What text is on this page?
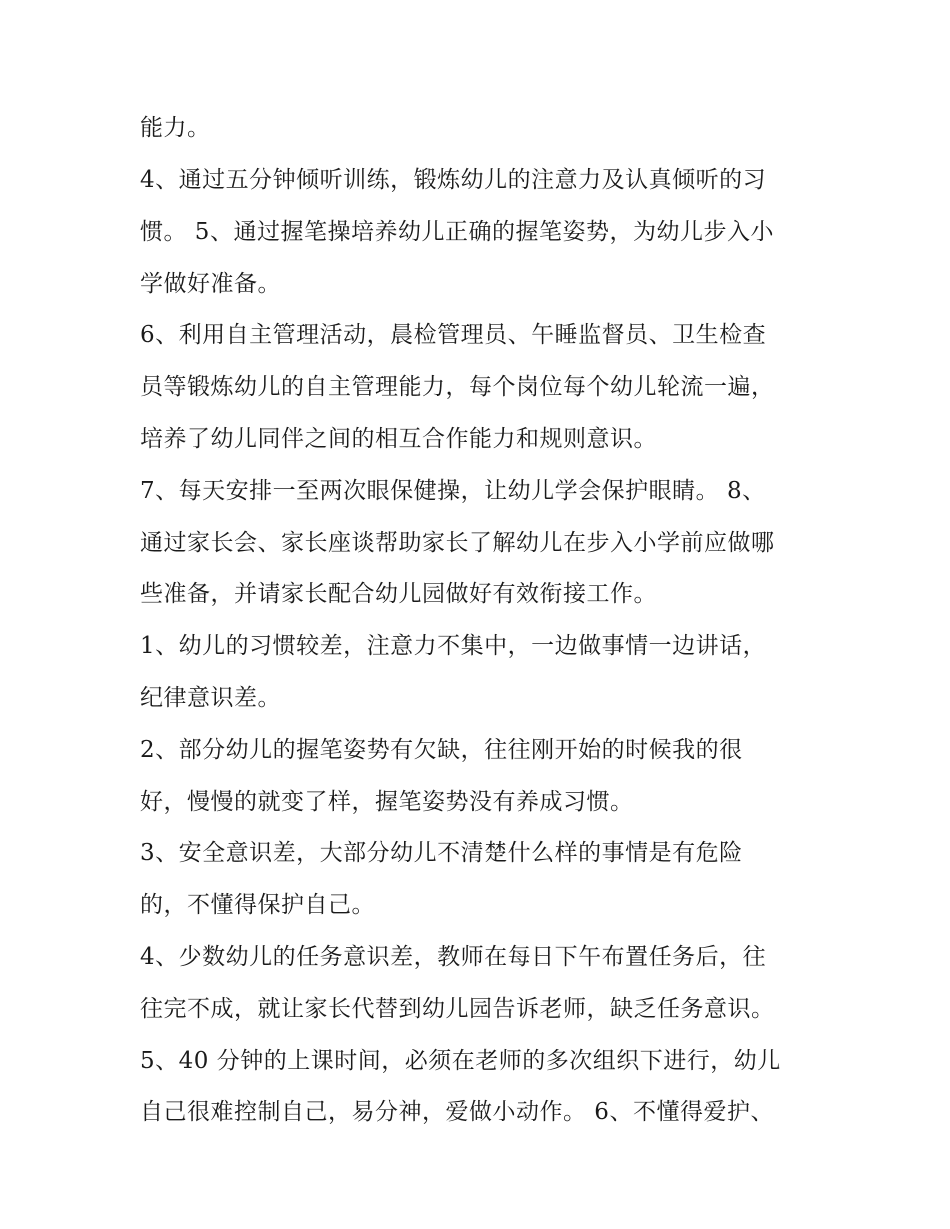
能力。
4、通过五分钟倾听训练，锻炼幼儿的注意力及认真倾听的习
惯。 5、通过握笔操培养幼儿正确的握笔姿势，为幼儿步入小
学做好准备。
6、利用自主管理活动，晨检管理员、午睡监督员、卫生检查
员等锻炼幼儿的自主管理能力，每个岗位每个幼儿轮流一遍，
培养了幼儿同伴之间的相互合作能力和规则意识。
7、每天安排一至两次眼保健操，让幼儿学会保护眼睛。 8、
通过家长会、家长座谈帮助家长了解幼儿在步入小学前应做哪
些准备，并请家长配合幼儿园做好有效衔接工作。
1、幼儿的习惯较差，注意力不集中，一边做事情一边讲话，
纪律意识差。
2、部分幼儿的握笔姿势有欠缺，往往刚开始的时候我的很
好，慢慢的就变了样，握笔姿势没有养成习惯。
3、安全意识差，大部分幼儿不清楚什么样的事情是有危险
的，不懂得保护自己。
4、少数幼儿的任务意识差，教师在每日下午布置任务后，往
往完不成，就让家长代替到幼儿园告诉老师，缺乏任务意识。
5、40 分钟的上课时间，必须在老师的多次组织下进行，幼儿
自己很难控制自己，易分神，爱做小动作。 6、不懂得爱护、
